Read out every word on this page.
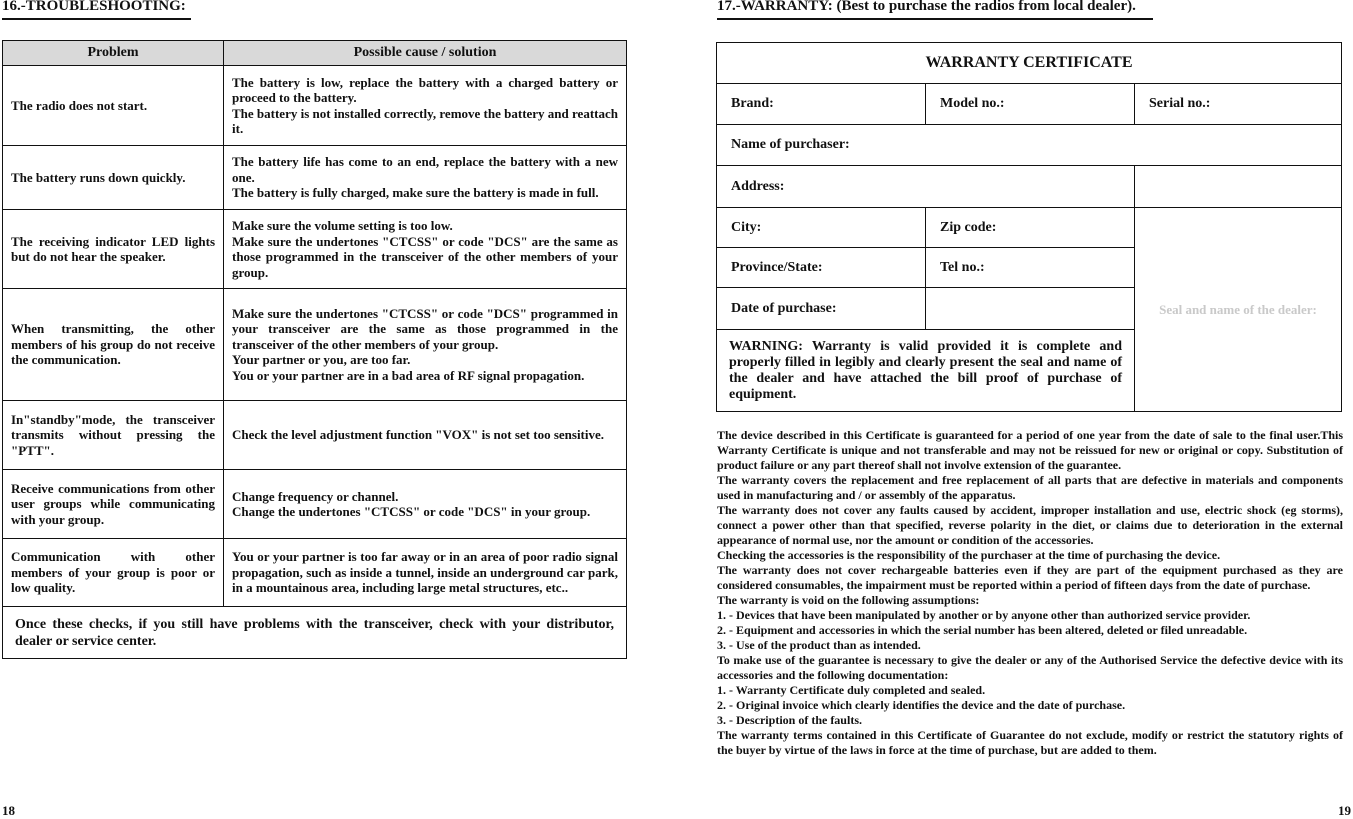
16.-TROUBLESHOOTING:
Problem	Possible cause / solution
The radio does not start.	The battery is low, replace the battery with a charged battery or proceed to the battery.
The battery is not installed correctly, remove the battery and reattach it.

The battery runs down quickly.	The battery life has come to an end, replace the battery with a new one.
The battery is fully charged, make sure the battery is made in full.

The receiving indicator LED lights but do not hear the speaker.	Make sure the volume setting is too low.
Make sure the undertones "CTCSS" or code "DCS" are the same as those programmed in the transceiver of the other members of your group.

When transmitting, the other members of his group do not receive the communication.	Make sure the undertones "CTCSS" or code "DCS" programmed in your transceiver are the same as those programmed in the transceiver of the other members of your group.
Your partner or you, are too far.
You or your partner are in a bad area of RF signal propagation.

In"standby"mode, the transceiver transmits without pressing the "PTT".	Check the level adjustment function "VOX" is not set too sensitive.

Receive communications from other user groups while communicating with your group.	Change frequency or channel.
Change the undertones "CTCSS" or code "DCS" in your group.

Communication with other members of your group is poor or low quality.	You or your partner is too far away or in an area of poor radio signal propagation, such as inside a tunnel, inside an underground car park, in a mountainous area, including large metal structures, etc..

Once these checks, if you still have problems with the transceiver, check with your distributor, dealer or service center.	
18
17.-WARRANTY: (Best to purchase the radios from local dealer).
WARRANTY CERTIFICATE		
Brand:	Model no.:	Serial no.:
Name of purchaser:		
Address:		
City:	Zip code:	Seal and name of the dealer:
Province/State:	Tel no.:	
Date of purchase:		
WARNING: Warranty is valid provided it is complete and properly filled in legibly and clearly present the seal and name of the dealer and have attached the bill proof of purchase of equipment.		

The device described in this Certificate is guaranteed for a period of one year from the date of sale to the final user.This Warranty Certificate is unique and not transferable and may not be reissued for new or original or copy. Substitution of product failure or any part thereof shall not involve extension of the guarantee.

The warranty covers the replacement and free replacement of all parts that are defective in materials and components used in manufacturing and / or assembly of the apparatus.

The warranty does not cover any faults caused by accident, improper installation and use, electric shock (eg storms), connect a power other than that specified, reverse polarity in the diet, or claims due to deterioration in the external appearance of normal use, nor the amount or condition of the accessories.

Checking the accessories is the responsibility of the purchaser at the time of purchasing the device.

The warranty does not cover rechargeable batteries even if they are part of the equipment purchased as they are considered consumables, the impairment must be reported within a period of fifteen days from the date of purchase.

The warranty is void on the following assumptions:

1. - Devices that have been manipulated by another or by anyone other than authorized service provider.

2. - Equipment and accessories in which the serial number has been altered, deleted or filed unreadable.

3. - Use of the product than as intended.

To make use of the guarantee is necessary to give the dealer or any of the Authorised Service the defective device with its accessories and the following documentation:

1. - Warranty Certificate duly completed and sealed.

2. - Original invoice which clearly identifies the device and the date of purchase.

3. - Description of the faults.

The warranty terms contained in this Certificate of Guarantee do not exclude, modify or restrict the statutory rights of the buyer by virtue of the laws in force at the time of purchase, but are added to them.

19
